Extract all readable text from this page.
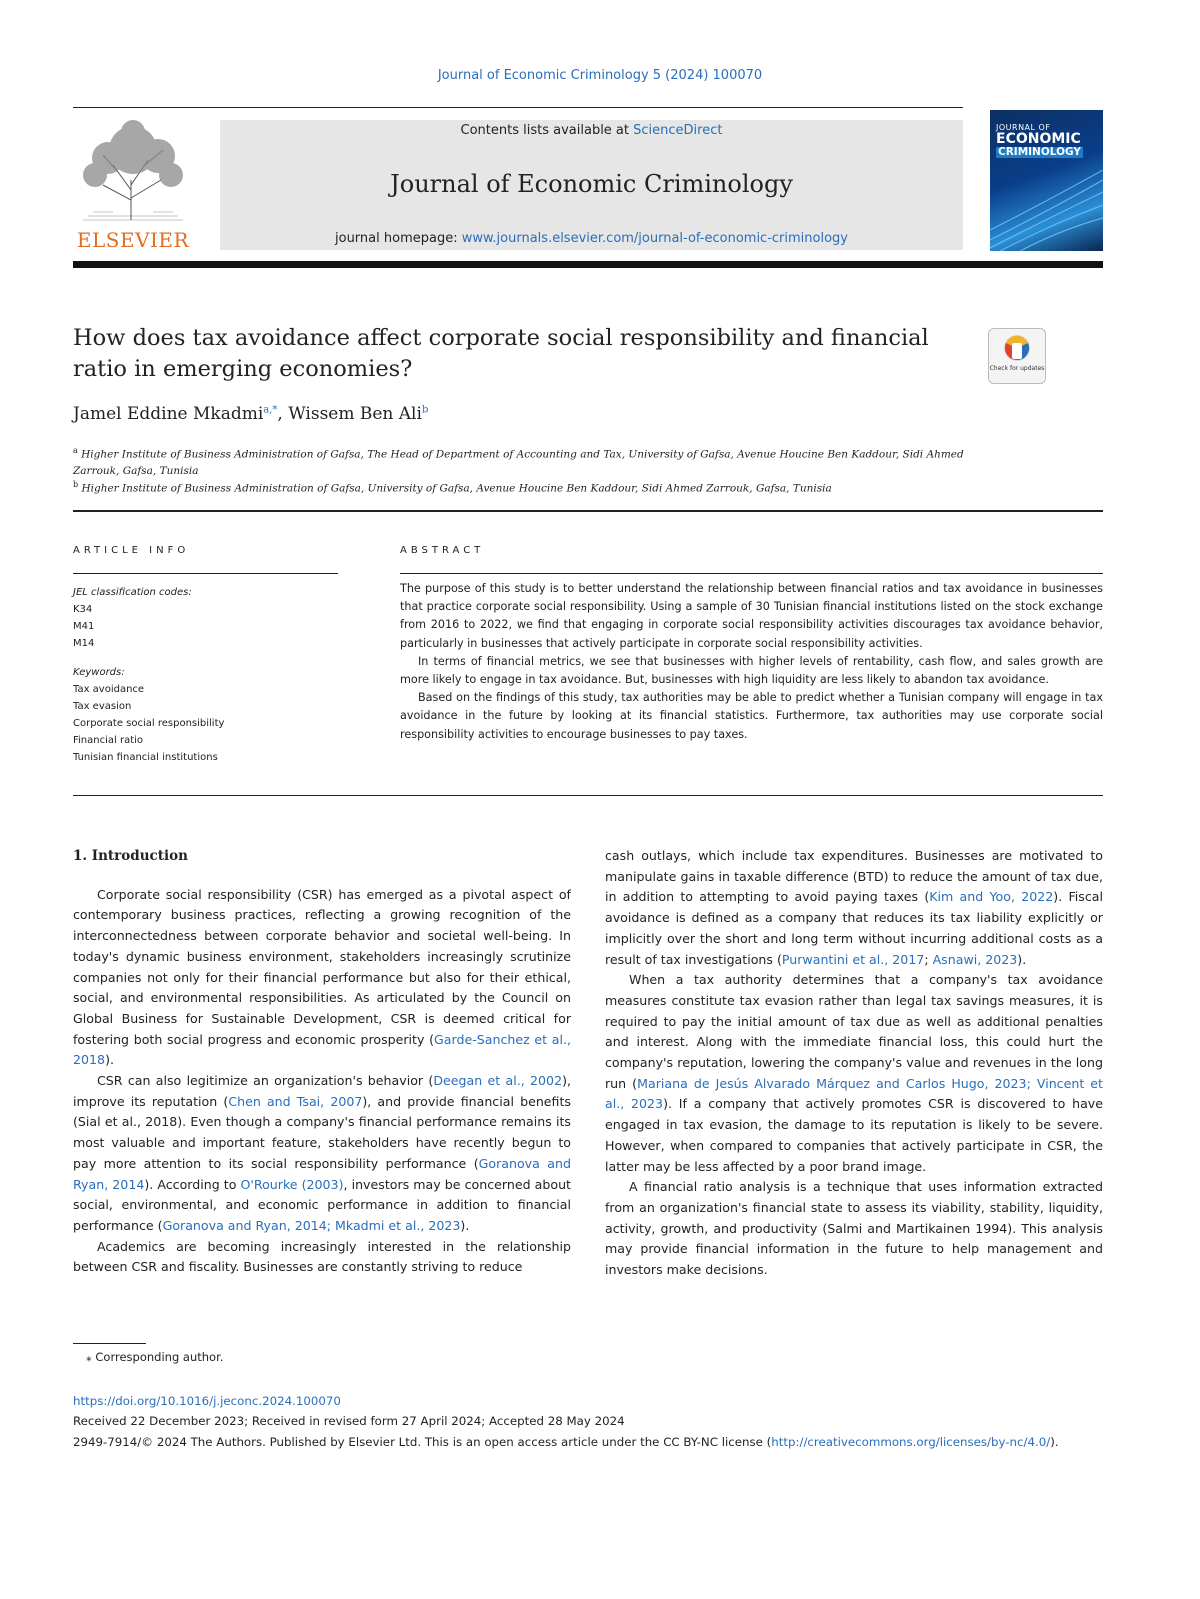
Journal of Economic Criminology 5 (2024) 100070
ELSEVIER
Contents lists available at ScienceDirect
Journal of Economic Criminology
journal homepage: www.journals.elsevier.com/journal-of-economic-criminology
JOURNAL OF
ECONOMIC
CRIMINOLOGY
How does tax avoidance affect corporate social responsibility and financial ratio in emerging economies?	Check for updates
Jamel Eddine Mkadmi$^{a,*}$, Wissem Ben Ali$^b$
$^a$ Higher Institute of Business Administration of Gafsa, The Head of Department of Accounting and Tax, University of Gafsa, Avenue Houcine Ben Kaddour, Sidi Ahmed Zarrouk, Gafsa, Tunisia
$^b$ Higher Institute of Business Administration of Gafsa, University of Gafsa, Avenue Houcine Ben Kaddour, Sidi Ahmed Zarrouk, Gafsa, Tunisia
ARTICLE INFO
JEL classification codes:
K34
M41
M14
Keywords:
Tax avoidance
Tax evasion
Corporate social responsibility
Financial ratio
Tunisian financial institutions
ABSTRACT

The purpose of this study is to better understand the relationship between financial ratios and tax avoidance in businesses that practice corporate social responsibility. Using a sample of 30 Tunisian financial institutions listed on the stock exchange from 2016 to 2022, we find that engaging in corporate social responsibility activities discourages tax avoidance behavior, particularly in businesses that actively participate in corporate social responsibility activities.

In terms of financial metrics, we see that businesses with higher levels of rentability, cash flow, and sales growth are more likely to engage in tax avoidance. But, businesses with high liquidity are less likely to abandon tax avoidance.

Based on the findings of this study, tax authorities may be able to predict whether a Tunisian company will engage in tax avoidance in the future by looking at its financial statistics. Furthermore, tax authorities may use corporate social responsibility activities to encourage businesses to pay taxes.

1. Introduction

Corporate social responsibility (CSR) has emerged as a pivotal aspect of contemporary business practices, reflecting a growing recognition of the interconnectedness between corporate behavior and societal well-being. In today's dynamic business environment, stakeholders increasingly scrutinize companies not only for their financial performance but also for their ethical, social, and environmental responsibilities. As articulated by the Council on Global Business for Sustainable Development, CSR is deemed critical for fostering both social progress and economic prosperity (Garde-Sanchez et al., 2018).

CSR can also legitimize an organization's behavior (Deegan et al., 2002), improve its reputation (Chen and Tsai, 2007), and provide financial benefits (Sial et al., 2018). Even though a company's financial performance remains its most valuable and important feature, stakeholders have recently begun to pay more attention to its social responsibility performance (Goranova and Ryan, 2014). According to O'Rourke (2003), investors may be concerned about social, environmental, and economic performance in addition to financial performance (Goranova and Ryan, 2014; Mkadmi et al., 2023).

Academics are becoming increasingly interested in the relationship between CSR and fiscality. Businesses are constantly striving to reduce

cash outlays, which include tax expenditures. Businesses are motivated to manipulate gains in taxable difference (BTD) to reduce the amount of tax due, in addition to attempting to avoid paying taxes (Kim and Yoo, 2022). Fiscal avoidance is defined as a company that reduces its tax liability explicitly or implicitly over the short and long term without incurring additional costs as a result of tax investigations (Purwantini et al., 2017; Asnawi, 2023).

When a tax authority determines that a company's tax avoidance measures constitute tax evasion rather than legal tax savings measures, it is required to pay the initial amount of tax due as well as additional penalties and interest. Along with the immediate financial loss, this could hurt the company's reputation, lowering the company's value and revenues in the long run (Mariana de Jesús Alvarado Márquez and Carlos Hugo, 2023; Vincent et al., 2023). If a company that actively promotes CSR is discovered to have engaged in tax evasion, the damage to its reputation is likely to be severe. However, when compared to companies that actively participate in CSR, the latter may be less affected by a poor brand image.

A financial ratio analysis is a technique that uses information extracted from an organization's financial state to assess its viability, stability, liquidity, activity, growth, and productivity (Salmi and Martikainen 1994). This analysis may provide financial information in the future to help management and investors make decisions.

⁎ Corresponding author.
https://doi.org/10.1016/j.jeconc.2024.100070
Received 22 December 2023; Received in revised form 27 April 2024; Accepted 28 May 2024
2949-7914/© 2024 The Authors. Published by Elsevier Ltd. This is an open access article under the CC BY-NC license (http://creativecommons.org/licenses/by-nc/4.0/).
